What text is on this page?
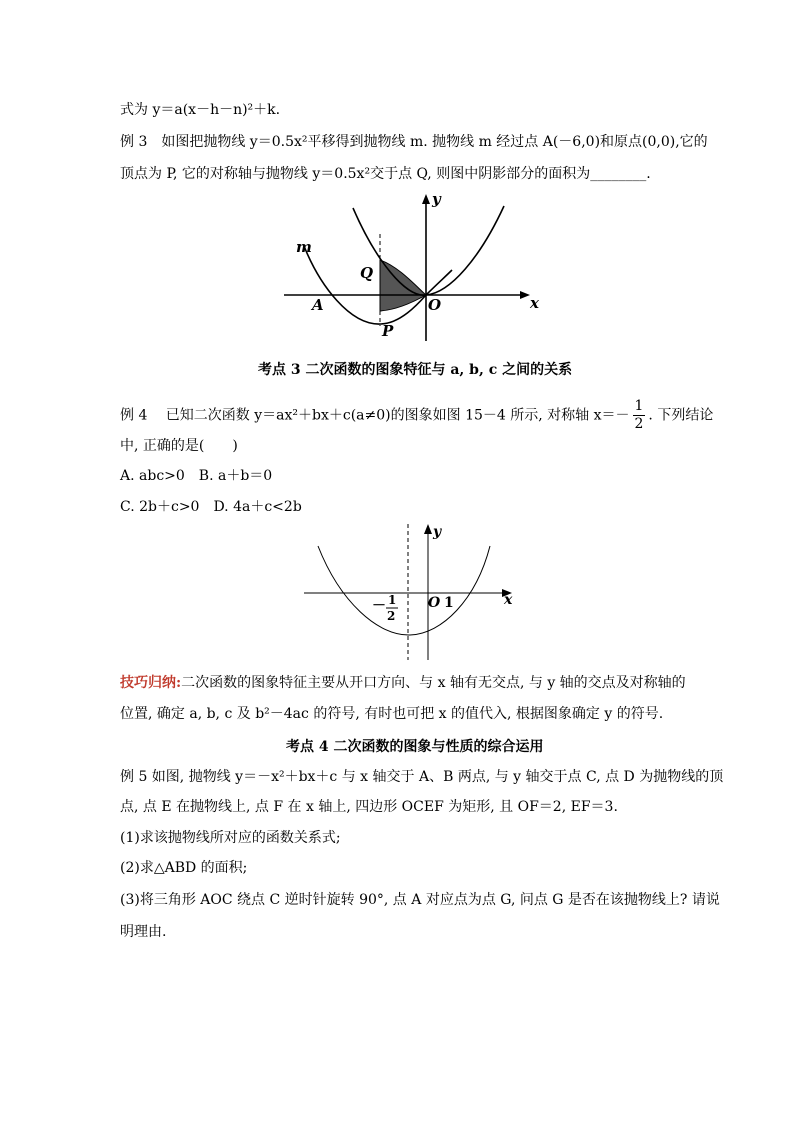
式为 y＝a(x－h－n)²＋k.
例 3　如图把抛物线 y＝0.5x²平移得到抛物线 m. 抛物线 m 经过点 A(－6,0)和原点(0,0),它的
顶点为 P, 它的对称轴与抛物线 y＝0.5x²交于点 Q, 则图中阴影部分的面积为________.
y
x
m
Q
A	O
P
考点 3 二次函数的图象特征与 a, b, c 之间的关系
例 4　 已知二次函数 y＝ax²＋bx＋c(a≠0)的图象如图 15－4 所示, 对称轴 $x=- \frac{1}{2}$ . 下列结论
中, 正确的是(　　)
A. abc>0　B. a＋b＝0
C. 2b＋c>0　D. 4a＋c<2b
y
x
－ 1
2
O 1
技巧归纳:二次函数的图象特征主要从开口方向、与 x 轴有无交点, 与 y 轴的交点及对称轴的
位置, 确定 a, b, c 及 b²－4ac 的符号, 有时也可把 x 的值代入, 根据图象确定 y 的符号.
考点 4 二次函数的图象与性质的综合运用
例 5 如图, 抛物线 y＝－x²＋bx＋c 与 x 轴交于 A、B 两点, 与 y 轴交于点 C, 点 D 为抛物线的顶
点, 点 E 在抛物线上, 点 F 在 x 轴上, 四边形 OCEF 为矩形, 且 OF＝2, EF＝3.
(1)求该抛物线所对应的函数关系式;
(2)求△ABD 的面积;
(3)将三角形 AOC 绕点 C 逆时针旋转 90°, 点 A 对应点为点 G, 问点 G 是否在该抛物线上? 请说
明理由.
